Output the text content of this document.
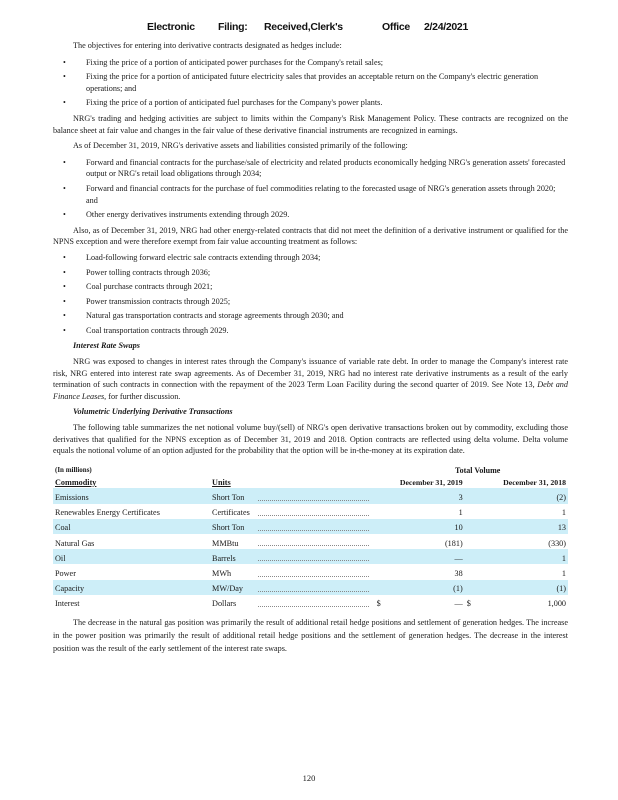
Electronic Filing: Received,Clerk's	Office 2/24/2021

The objectives for entering into derivative contracts designated as hedges include:

• Fixing the price of a portion of anticipated power purchases for the Company's retail sales;
• Fixing the price for a portion of anticipated future electricity sales that provides an acceptable return on the Company's electric generation operations; and
• Fixing the price of a portion of anticipated fuel purchases for the Company's power plants.

NRG's trading and hedging activities are subject to limits within the Company's Risk Management Policy. These contracts are recognized on the balance sheet at fair value and changes in the fair value of these derivative financial instruments are recognized in earnings.

As of December 31, 2019, NRG's derivative assets and liabilities consisted primarily of the following:

• Forward and financial contracts for the purchase/sale of electricity and related products economically hedging NRG's generation assets' forecasted output or NRG's retail load obligations through 2034;
• Forward and financial contracts for the purchase of fuel commodities relating to the forecasted usage of NRG's generation assets through 2020; and
• Other energy derivatives instruments extending through 2029.

Also, as of December 31, 2019, NRG had other energy-related contracts that did not meet the definition of a derivative instrument or qualified for the NPNS exception and were therefore exempt from fair value accounting treatment as follows:

• Load-following forward electric sale contracts extending through 2034;
• Power tolling contracts through 2036;
• Coal purchase contracts through 2021;
• Power transmission contracts through 2025;
• Natural gas transportation contracts and storage agreements through 2030; and
• Coal transportation contracts through 2029.
Interest Rate Swaps

NRG was exposed to changes in interest rates through the Company's issuance of variable rate debt. In order to manage the Company's interest rate risk, NRG entered into interest rate swap agreements. As of December 31, 2019, NRG had no interest rate derivative instruments as a result of the early termination of such contracts in connection with the repayment of the 2023 Term Loan Facility during the second quarter of 2019. See Note 13, Debt and Finance Leases, for further discussion.

Volumetric Underlying Derivative Transactions

The following table summarizes the net notional volume buy/(sell) of NRG's open derivative transactions broken out by commodity, excluding those derivatives that qualified for the NPNS exception as of December 31, 2019 and 2018. Option contracts are reflected using delta volume. Delta volume equals the notional volume of an option adjusted for the probability that the option will be in-the-money at its expiration date.

(In millions)			Total Volume		
Commodity	Units		December 31, 2019		December 31, 2018
Emissions	Short Ton		3		(2)
Renewables Energy Certificates	Certificates		1		1
Coal	Short Ton		10		13
Natural Gas	MMBtu		(181)		(330)
Oil	Barrels		—		1
Power	MWh		38		1
Capacity	MW/Day		(1)		(1)
Interest	Dollars	$	—	$	1,000

The decrease in the natural gas position was primarily the result of additional retail hedge positions and settlement of generation hedges. The increase in the power position was primarily the result of additional retail hedge positions and the settlement of generation hedges. The decrease in the interest position was the result of the early settlement of the interest rate swaps.

120
